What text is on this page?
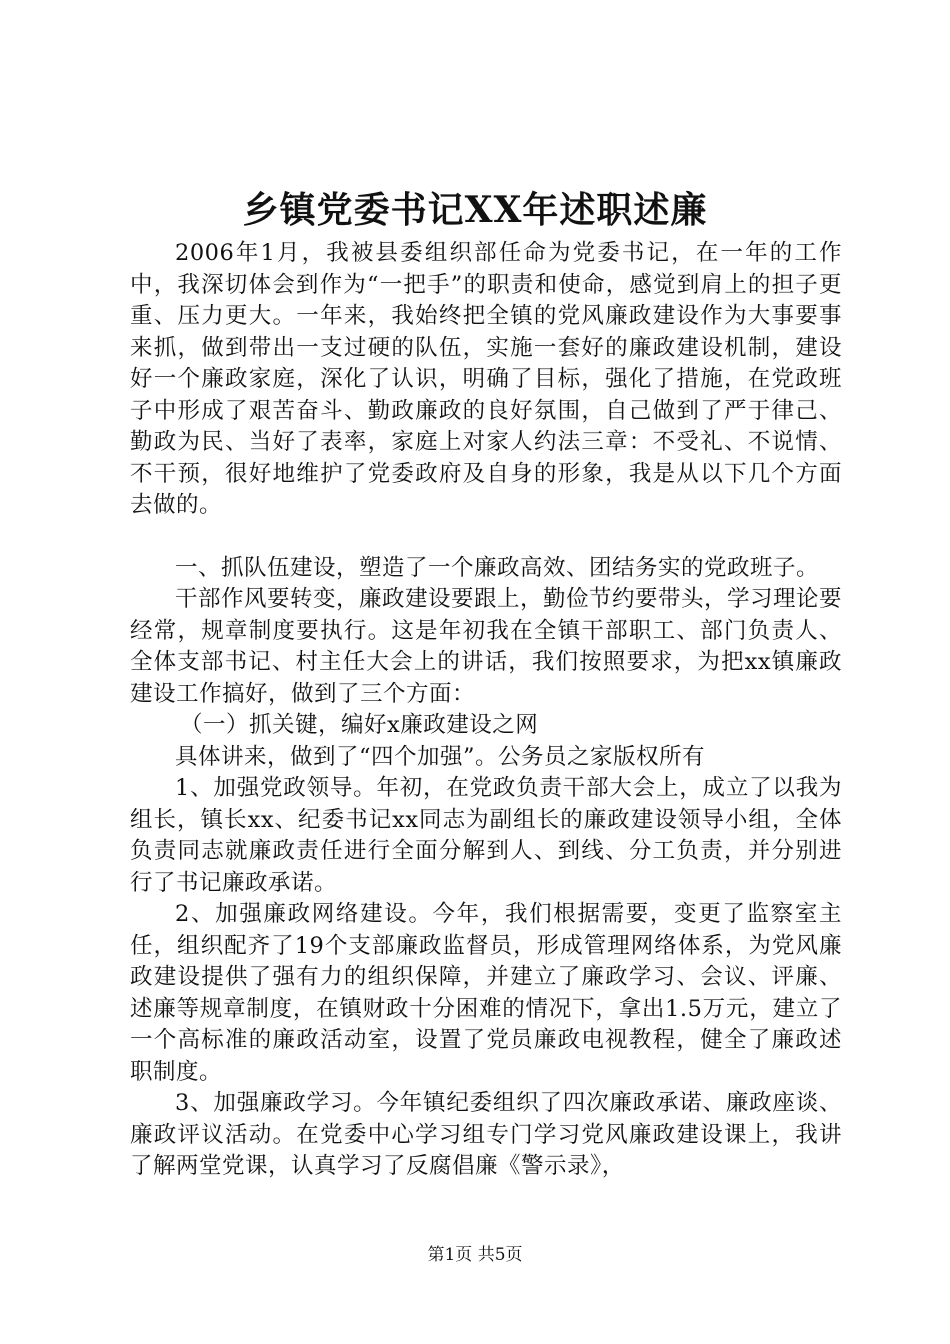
乡镇党委书记XX年述职述廉

2006年1月，我被县委组织部任命为党委书记，在一年的工作中，我深切体会到作为“一把手”的职责和使命，感觉到肩上的担子更重、压力更大。一年来，我始终把全镇的党风廉政建设作为大事要事来抓，做到带出一支过硬的队伍，实施一套好的廉政建设机制，建设好一个廉政家庭，深化了认识，明确了目标，强化了措施，在党政班子中形成了艰苦奋斗、勤政廉政的良好氛围，自己做到了严于律己、勤政为民、当好了表率，家庭上对家人约法三章：不受礼、不说情、不干预，很好地维护了党委政府及自身的形象，我是从以下几个方面去做的。

一、抓队伍建设，塑造了一个廉政高效、团结务实的党政班子。

干部作风要转变，廉政建设要跟上，勤俭节约要带头，学习理论要经常，规章制度要执行。这是年初我在全镇干部职工、部门负责人、全体支部书记、村主任大会上的讲话，我们按照要求，为把xx镇廉政建设工作搞好，做到了三个方面：

（一）抓关键，编好x廉政建设之网

具体讲来，做到了“四个加强”。公务员之家版权所有

1、加强党政领导。年初，在党政负责干部大会上，成立了以我为组长，镇长xx、纪委书记xx同志为副组长的廉政建设领导小组，全体负责同志就廉政责任进行全面分解到人、到线、分工负责，并分别进行了书记廉政承诺。

2、加强廉政网络建设。今年，我们根据需要，变更了监察室主任，组织配齐了19个支部廉政监督员，形成管理网络体系，为党风廉政建设提供了强有力的组织保障，并建立了廉政学习、会议、评廉、述廉等规章制度，在镇财政十分困难的情况下，拿出1.5万元，建立了一个高标准的廉政活动室，设置了党员廉政电视教程，健全了廉政述职制度。

3、加强廉政学习。今年镇纪委组织了四次廉政承诺、廉政座谈、廉政评议活动。在党委中心学习组专门学习党风廉政建设课上，我讲了解两堂党课，认真学习了反腐倡廉《警示录》，

第1页 共5页
